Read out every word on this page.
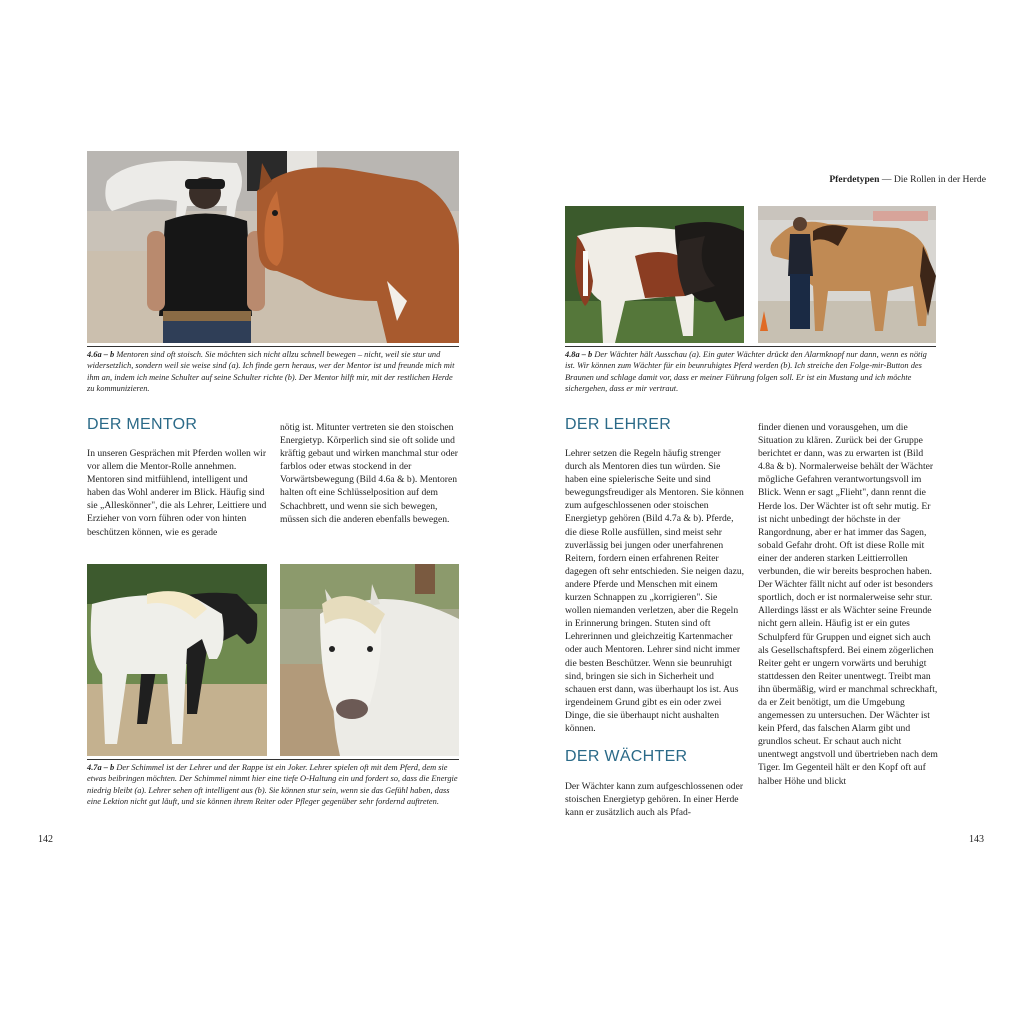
4.6a – b Mentoren sind oft stoisch. Sie möchten sich nicht allzu schnell bewegen – nicht, weil sie stur und widersetzlich, sondern weil sie weise sind (a). Ich finde gern heraus, wer der Mentor ist und freunde mich mit ihm an, indem ich meine Schulter auf seine Schulter richte (b). Der Mentor hilft mir, mit der restlichen Herde zu kommunizieren.

DER MENTOR

In unseren Gesprächen mit Pferden wollen wir vor allem die Mentor-Rolle annehmen. Mentoren sind mitfühlend, intelligent und haben das Wohl anderer im Blick. Häufig sind sie „Alleskönner", die als Lehrer, Leittiere und Erzieher von vorn führen oder von hinten beschützen können, wie es gerade

nötig ist. Mitunter vertreten sie den stoischen Energietyp. Körperlich sind sie oft solide und kräftig gebaut und wirken manchmal stur oder farblos oder etwas stockend in der Vorwärtsbewegung (Bild 4.6a & b). Mentoren halten oft eine Schlüsselposition auf dem Schachbrett, und wenn sie sich bewegen, müssen sich die anderen ebenfalls bewegen.

4.7a – b Der Schimmel ist der Lehrer und der Rappe ist ein Joker. Lehrer spielen oft mit dem Pferd, dem sie etwas beibringen möchten. Der Schimmel nimmt hier eine tiefe O-Haltung ein und fordert so, dass die Energie niedrig bleibt (a). Lehrer sehen oft intelligent aus (b). Sie können stur sein, wenn sie das Gefühl haben, dass eine Lektion nicht gut läuft, und sie können ihrem Reiter oder Pfleger gegenüber sehr fordernd auftreten.

142
Pferdetypen — Die Rollen in der Herde

4.8a – b Der Wächter hält Ausschau (a). Ein guter Wächter drückt den Alarmknopf nur dann, wenn es nötig ist. Wir können zum Wächter für ein beunruhigtes Pferd werden (b). Ich streiche den Folge-mir-Button des Braunen und schlage damit vor, dass er meiner Führung folgen soll. Er ist ein Mustang und ich möchte sichergehen, dass er mir vertraut.

DER LEHRER

Lehrer setzen die Regeln häufig strenger durch als Mentoren dies tun würden. Sie haben eine spielerische Seite und sind bewegungsfreudiger als Mentoren. Sie können zum aufgeschlossenen oder stoischen Energietyp gehören (Bild 4.7a & b). Pferde, die diese Rolle ausfüllen, sind meist sehr zuverlässig bei jungen oder unerfahrenen Reitern, fordern einen erfahrenen Reiter dagegen oft sehr entschieden. Sie neigen dazu, andere Pferde und Menschen mit einem kurzen Schnappen zu „korrigieren". Sie wollen niemanden verletzen, aber die Regeln in Erinnerung bringen. Stuten sind oft Lehrerinnen und gleichzeitig Kartenmacher oder auch Mentoren. Lehrer sind nicht immer die besten Beschützer. Wenn sie beunruhigt sind, bringen sie sich in Sicherheit und schauen erst dann, was überhaupt los ist. Aus irgendeinem Grund gibt es ein oder zwei Dinge, die sie überhaupt nicht aushalten können.

DER WÄCHTER

Der Wächter kann zum aufgeschlossenen oder stoischen Energietyp gehören. In einer Herde kann er zusätzlich auch als Pfad-

finder dienen und vorausgehen, um die Situation zu klären. Zurück bei der Gruppe berichtet er dann, was zu erwarten ist (Bild 4.8a & b). Normalerweise behält der Wächter mögliche Gefahren verantwortungsvoll im Blick. Wenn er sagt „Flieht", dann rennt die Herde los. Der Wächter ist oft sehr mutig. Er ist nicht unbedingt der höchste in der Rangordnung, aber er hat immer das Sagen, sobald Gefahr droht. Oft ist diese Rolle mit einer der anderen starken Leittierrollen verbunden, die wir bereits besprochen haben. Der Wächter fällt nicht auf oder ist besonders sportlich, doch er ist normalerweise sehr stur. Allerdings lässt er als Wächter seine Freunde nicht gern allein. Häufig ist er ein gutes Schulpferd für Gruppen und eignet sich auch als Gesellschaftspferd. Bei einem zögerlichen Reiter geht er ungern vorwärts und beruhigt stattdessen den Reiter unentwegt. Treibt man ihn übermäßig, wird er manchmal schreckhaft, da er Zeit benötigt, um die Umgebung angemessen zu untersuchen. Der Wächter ist kein Pferd, das falschen Alarm gibt und grundlos scheut. Er schaut auch nicht unentwegt angstvoll und übertrieben nach dem Tiger. Im Gegenteil hält er den Kopf oft auf halber Höhe und blickt

143
